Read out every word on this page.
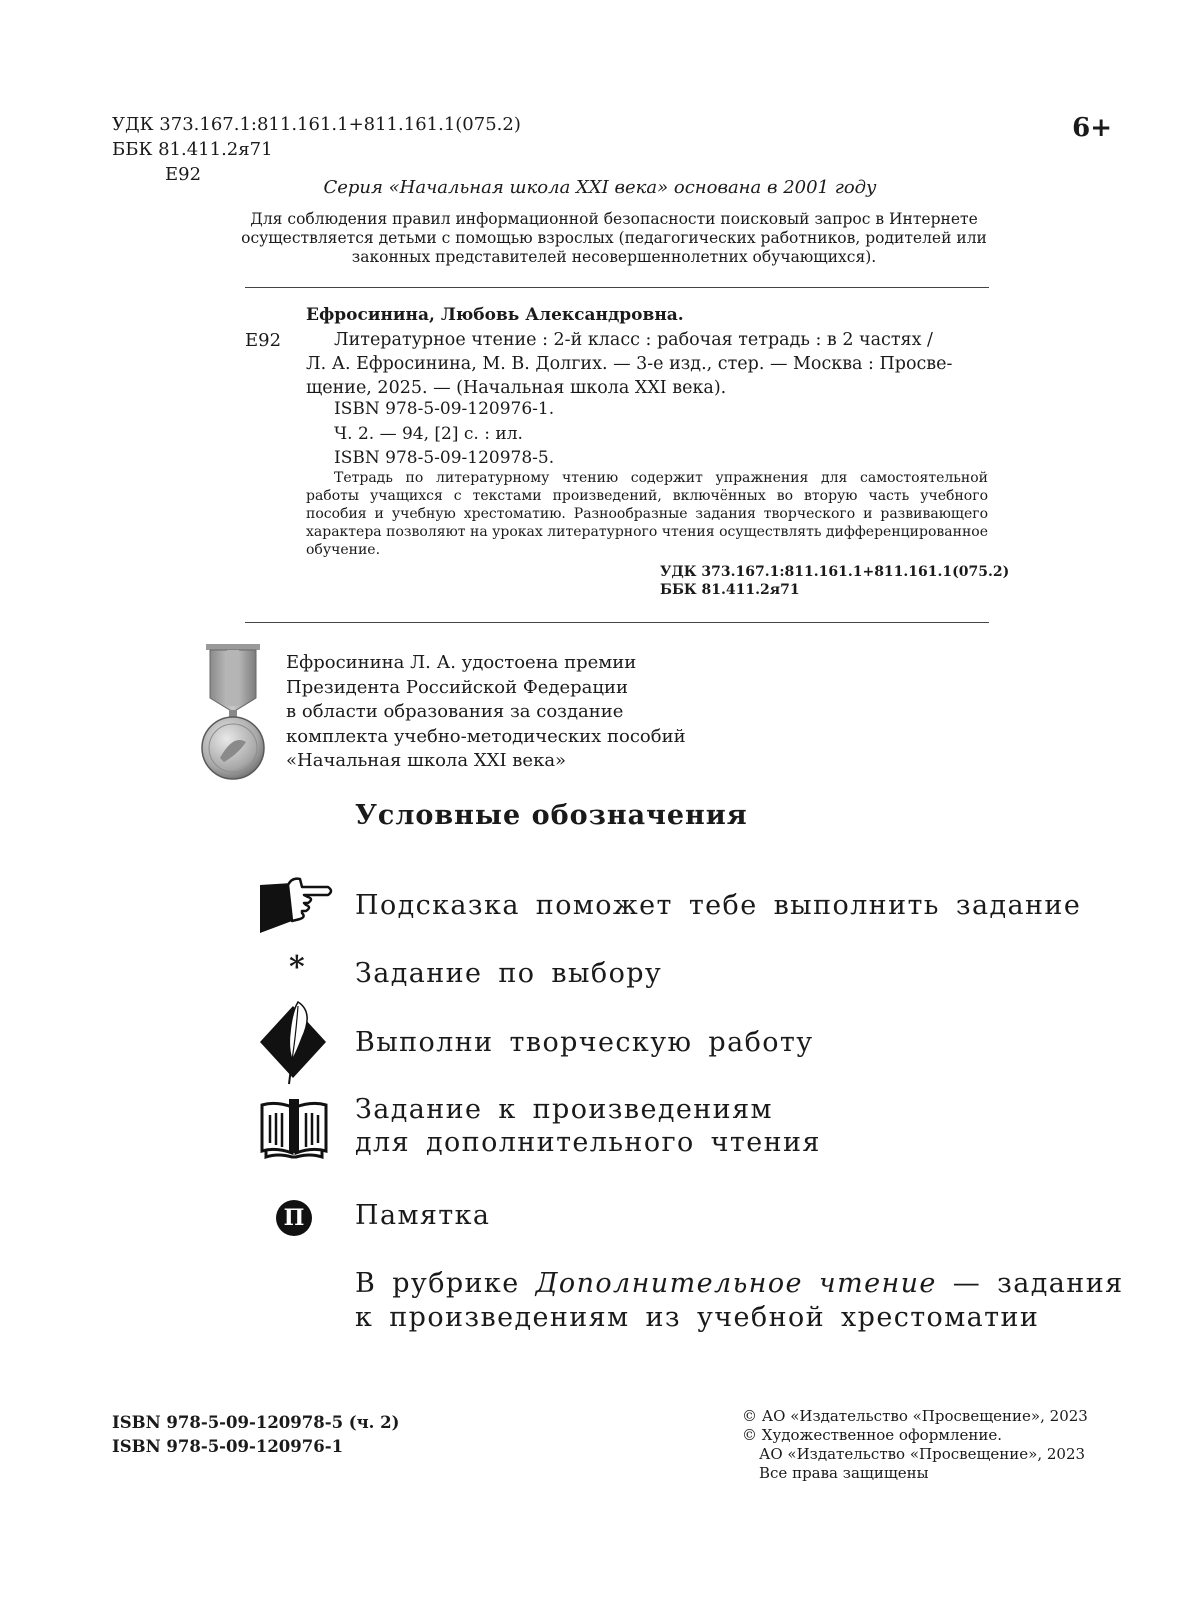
УДК 373.167.1:811.161.1+811.161.1(075.2)
ББК 81.411.2я71
Е92
6+
Серия «Начальная школа XXI века» основана в 2001 году
Для соблюдения правил информационной безопасности поисковый запрос в Интернете осуществляется детьми с помощью взрослых (педагогических работников, родителей или законных представителей несовершеннолетних обучающихся).
Ефросинина, Любовь Александровна.
Е92	Литературное чтение : 2-й класс : рабочая тетрадь : в 2 частях /
Л. А. Ефросинина, М. В. Долгих. — 3-е изд., стер. — Москва : Просве-
щение, 2025. — (Начальная школа XXI века).
ISBN 978-5-09-120976-1.
Ч. 2. — 94, [2] с. : ил.
ISBN 978-5-09-120978-5.
Тетрадь по литературному чтению содержит упражнения для самостоятельной работы учащихся с текстами произведений, включённых во вторую часть учебного пособия и учебную хрестоматию. Разнообразные задания творческого и развивающего характера позволяют на уроках литературного чтения осуществлять дифференцированное обучение.
УДК 373.167.1:811.161.1+811.161.1(075.2)
ББК 81.411.2я71
Ефросинина Л. А. удостоена премии
Президента Российской Федерации
в области образования за создание
комплекта учебно-методических пособий
«Начальная школа XXI века»
Условные обозначения
Подсказка поможет тебе выполнить задание
* Задание по выбору
Выполни творческую работу
Задание к произведениям
для дополнительного чтения
П Памятка
В рубрике Дополнительное чтение — задания
к произведениям из учебной хрестоматии
ISBN 978-5-09-120978-5 (ч. 2)
ISBN 978-5-09-120976-1
© АО «Издательство «Просвещение», 2023
© Художественное оформление.
АО «Издательство «Просвещение», 2023
Все права защищены
